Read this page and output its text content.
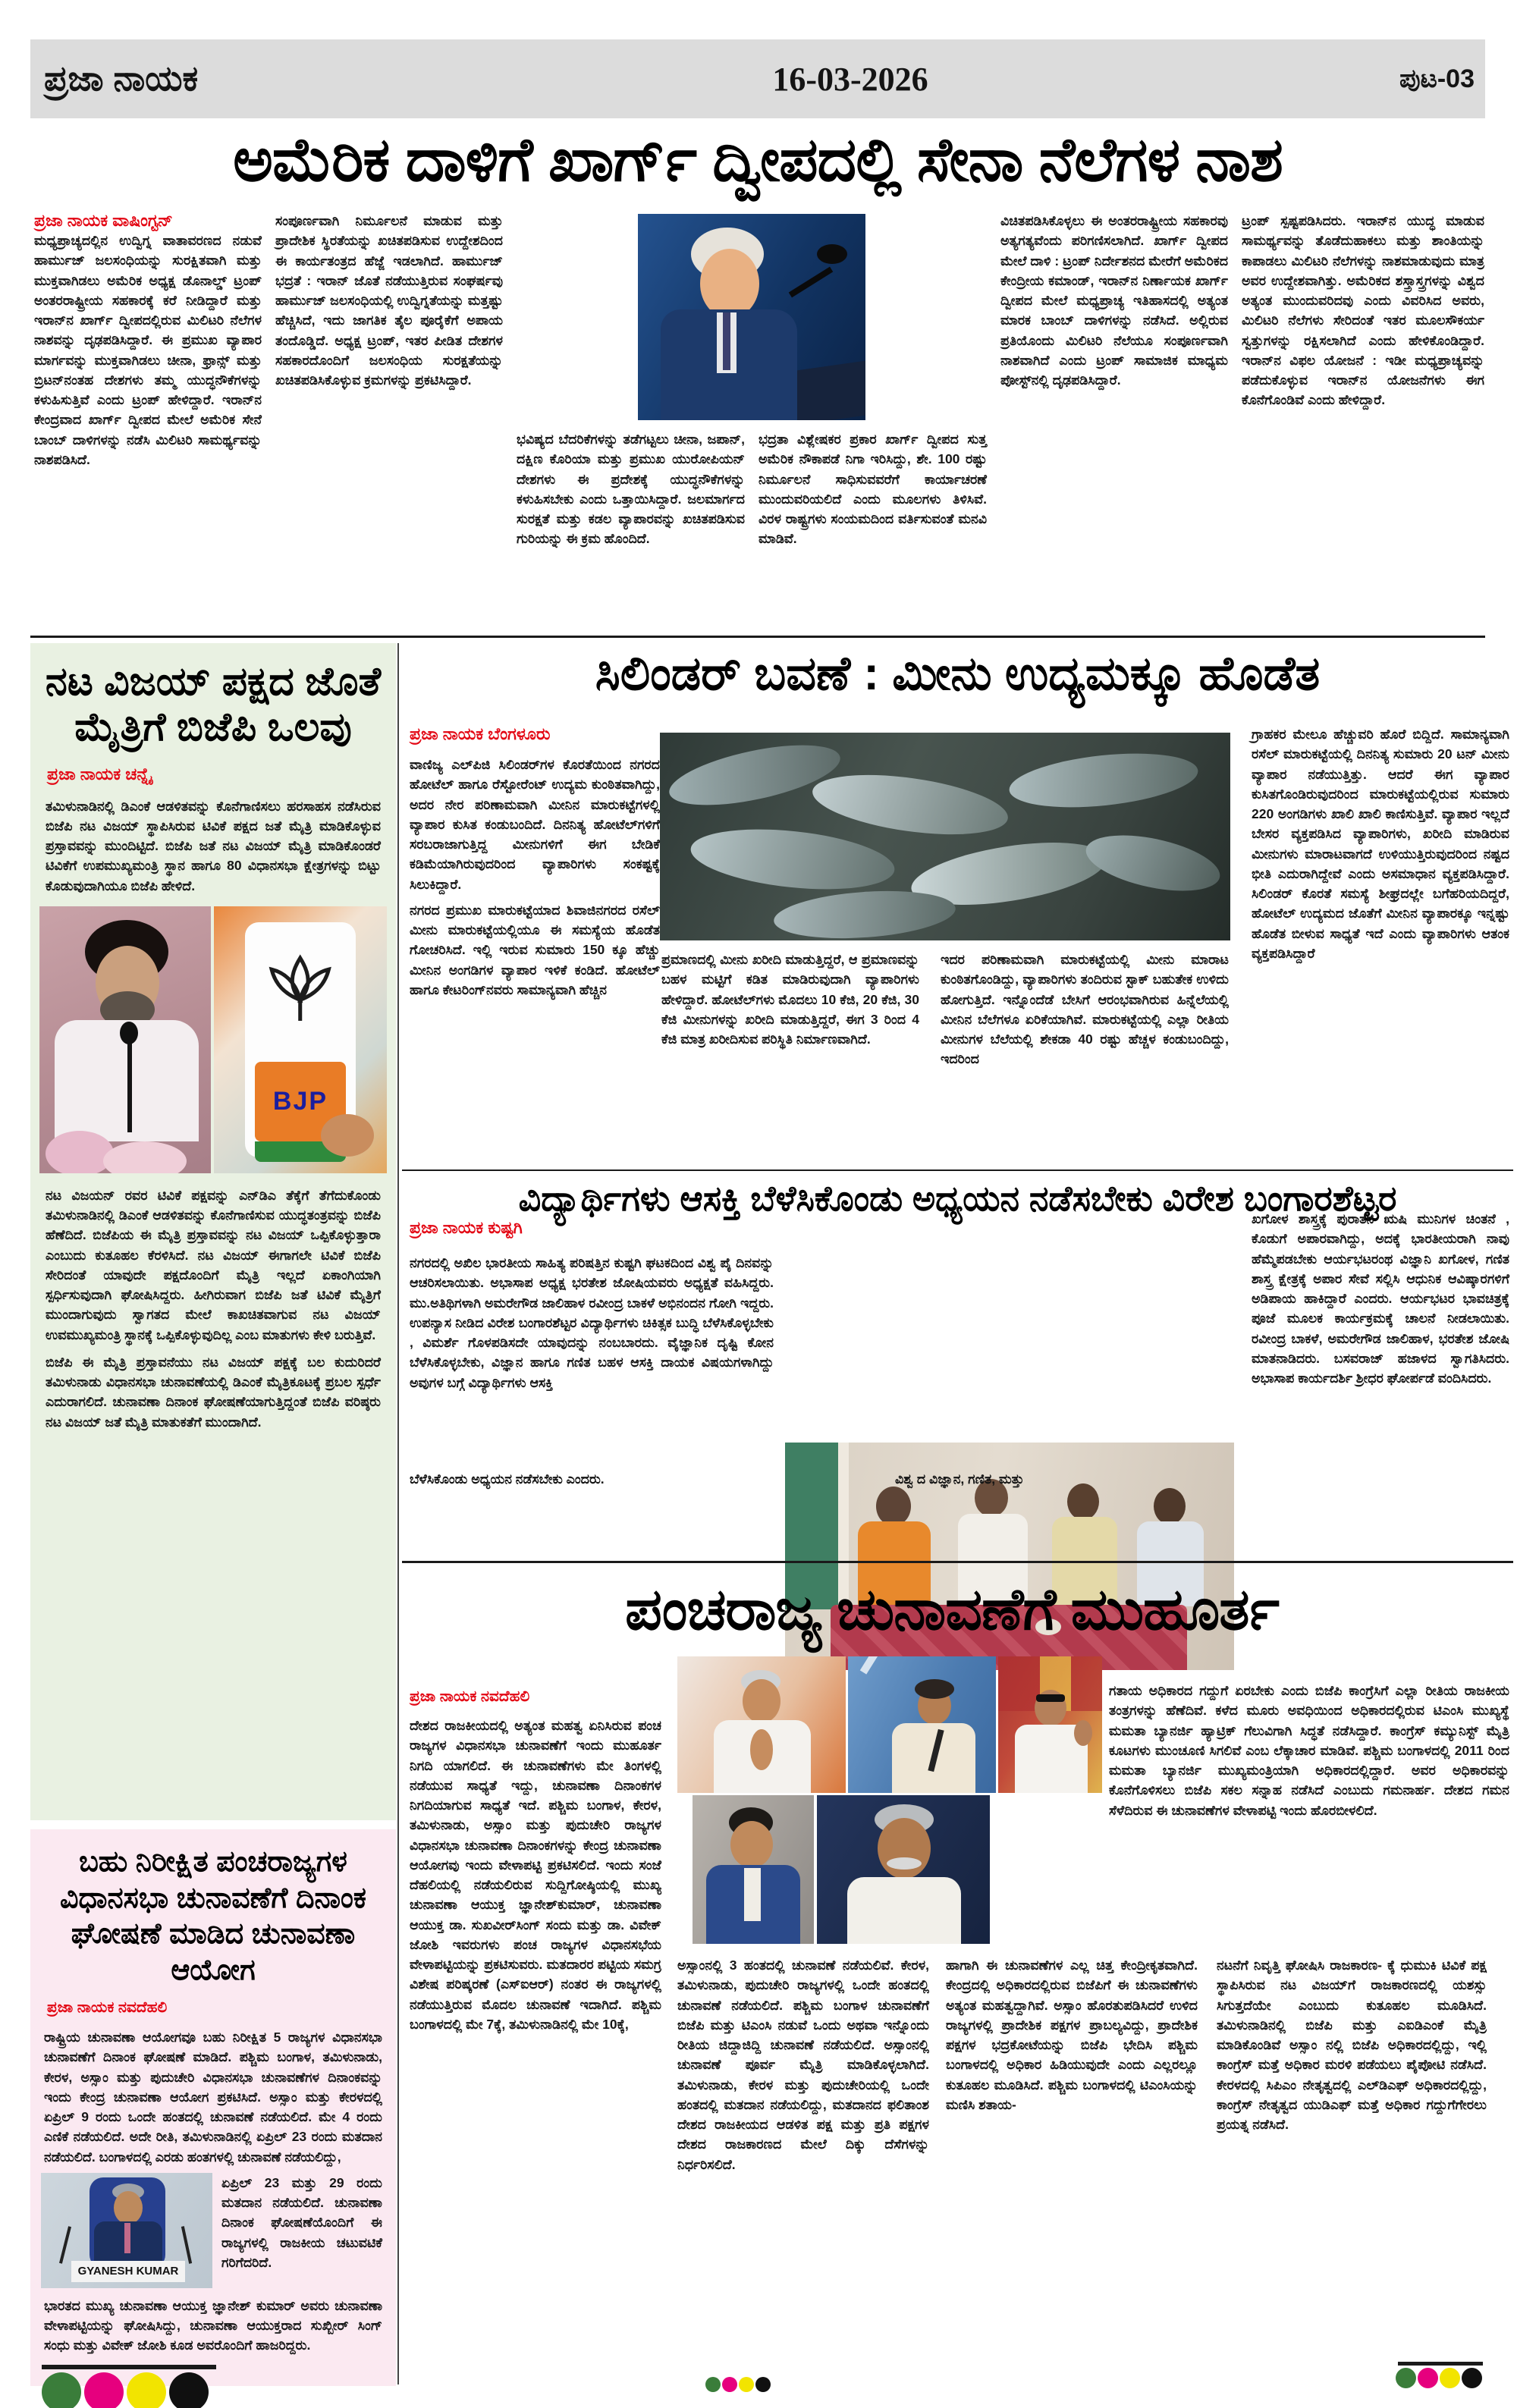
ಪ್ರಜಾ ನಾಯಕ	16-03-2026	ಪುಟ-03
ಅಮೆರಿಕ ದಾಳಿಗೆ ಖಾರ್ಗ್ ದ್ವೀಪದಲ್ಲಿ ಸೇನಾ ನೆಲೆಗಳ ನಾಶ
ಪ್ರಜಾ ನಾಯಕ ವಾಷಿಂಗ್ಟನ್
ಮಧ್ಯಪ್ರಾಚ್ಯದಲ್ಲಿನ ಉದ್ವಿಗ್ನ ವಾತಾವರಣದ ನಡುವೆ ಹಾರ್ಮುಜ್ ಜಲಸಂಧಿಯನ್ನು ಸುರಕ್ಷಿತವಾಗಿ ಮತ್ತು ಮುಕ್ತವಾಗಿಡಲು ಅಮೆರಿಕ ಅಧ್ಯಕ್ಷ ಡೊನಾಲ್ಡ್ ಟ್ರಂಪ್ ಅಂತರರಾಷ್ಟ್ರೀಯ ಸಹಕಾರಕ್ಕೆ ಕರೆ ನೀಡಿದ್ದಾರೆ ಮತ್ತು ಇರಾನ್‌ನ ಖಾರ್ಗ್ ದ್ವೀಪದಲ್ಲಿರುವ ಮಿಲಿಟರಿ ನೆಲೆಗಳ ನಾಶವನ್ನು ದೃಢಪಡಿಸಿದ್ದಾರೆ. ಈ ಪ್ರಮುಖ ವ್ಯಾಪಾರ ಮಾರ್ಗವನ್ನು ಮುಕ್ತವಾಗಿಡಲು ಚೀನಾ, ಫ್ರಾನ್ಸ್ ಮತ್ತು ಬ್ರಿಟನ್‌ನಂತಹ ದೇಶಗಳು ತಮ್ಮ ಯುದ್ಧನೌಕೆಗಳನ್ನು ಕಳುಹಿಸುತ್ತಿವೆ ಎಂದು ಟ್ರಂಪ್ ಹೇಳಿದ್ದಾರೆ. ಇರಾನ್‌ನ ಕೇಂದ್ರವಾದ ಖಾರ್ಗ್ ದ್ವೀಪದ ಮೇಲೆ ಅಮೆರಿಕ ಸೇನೆ ಬಾಂಬ್ ದಾಳಿಗಳನ್ನು ನಡೆಸಿ ಮಿಲಿಟರಿ ಸಾಮರ್ಥ್ಯವನ್ನು ನಾಶಪಡಿಸಿದೆ.
ಸಂಪೂರ್ಣವಾಗಿ ನಿರ್ಮೂಲನೆ ಮಾಡುವ ಮತ್ತು ಪ್ರಾದೇಶಿಕ ಸ್ಥಿರತೆಯನ್ನು ಖಚಿತಪಡಿಸುವ ಉದ್ದೇಶದಿಂದ ಈ ಕಾರ್ಯತಂತ್ರದ ಹೆಜ್ಜೆ ಇಡಲಾಗಿದೆ. ಹಾರ್ಮುಜ್ ಭದ್ರತೆ : ಇರಾನ್ ಜೊತೆ ನಡೆಯುತ್ತಿರುವ ಸಂಘರ್ಷವು ಹಾರ್ಮುಜ್ ಜಲಸಂಧಿಯಲ್ಲಿ ಉದ್ವಿಗ್ನತೆಯನ್ನು ಮತ್ತಷ್ಟು ಹೆಚ್ಚಿಸಿದೆ, ಇದು ಜಾಗತಿಕ ತೈಲ ಪೂರೈಕೆಗೆ ಅಪಾಯ ತಂದೊಡ್ಡಿದೆ. ಅಧ್ಯಕ್ಷ ಟ್ರಂಪ್, ಇತರ ಪೀಡಿತ ದೇಶಗಳ ಸಹಕಾರದೊಂದಿಗೆ ಜಲಸಂಧಿಯ ಸುರಕ್ಷತೆಯನ್ನು ಖಚಿತಪಡಿಸಿಕೊಳ್ಳುವ ಕ್ರಮಗಳನ್ನು ಪ್ರಕಟಿಸಿದ್ದಾರೆ.
ಭವಿಷ್ಯದ ಬೆದರಿಕೆಗಳನ್ನು ತಡೆಗಟ್ಟಲು ಚೀನಾ, ಜಪಾನ್, ದಕ್ಷಿಣ ಕೊರಿಯಾ ಮತ್ತು ಪ್ರಮುಖ ಯುರೋಪಿಯನ್ ದೇಶಗಳು ಈ ಪ್ರದೇಶಕ್ಕೆ ಯುದ್ಧನೌಕೆಗಳನ್ನು ಕಳುಹಿಸಬೇಕು ಎಂದು ಒತ್ತಾಯಿಸಿದ್ದಾರೆ. ಜಲಮಾರ್ಗದ ಸುರಕ್ಷತೆ ಮತ್ತು ಕಡಲ ವ್ಯಾಪಾರವನ್ನು ಖಚಿತಪಡಿಸುವ ಗುರಿಯನ್ನು ಈ ಕ್ರಮ ಹೊಂದಿದೆ.
ಭದ್ರತಾ ವಿಶ್ಲೇಷಕರ ಪ್ರಕಾರ ಖಾರ್ಗ್ ದ್ವೀಪದ ಸುತ್ತ ಅಮೆರಿಕ ನೌಕಾಪಡೆ ನಿಗಾ ಇರಿಸಿದ್ದು, ಶೇ. 100 ರಷ್ಟು ನಿರ್ಮೂಲನೆ ಸಾಧಿಸುವವರೆಗೆ ಕಾರ್ಯಾಚರಣೆ ಮುಂದುವರಿಯಲಿದೆ ಎಂದು ಮೂಲಗಳು ತಿಳಿಸಿವೆ. ವಿರಳ ರಾಷ್ಟ್ರಗಳು ಸಂಯಮದಿಂದ ವರ್ತಿಸುವಂತೆ ಮನವಿ ಮಾಡಿವೆ.
ವಿಚಿತಪಡಿಸಿಕೊಳ್ಳಲು ಈ ಅಂತರರಾಷ್ಟ್ರೀಯ ಸಹಕಾರವು ಅತ್ಯಗತ್ಯವೆಂದು ಪರಿಗಣಿಸಲಾಗಿದೆ. ಖಾರ್ಗ್ ದ್ವೀಪದ ಮೇಲೆ ದಾಳಿ : ಟ್ರಂಪ್ ನಿರ್ದೇಶನದ ಮೇರೆಗೆ ಅಮೆರಿಕದ ಕೇಂದ್ರೀಯ ಕಮಾಂಡ್, ಇರಾನ್‌ನ ನಿರ್ಣಾಯಕ ಖಾರ್ಗ್ ದ್ವೀಪದ ಮೇಲೆ ಮಧ್ಯಪ್ರಾಚ್ಯ ಇತಿಹಾಸದಲ್ಲಿ ಅತ್ಯಂತ ಮಾರಕ ಬಾಂಬ್ ದಾಳಿಗಳನ್ನು ನಡೆಸಿದೆ. ಅಲ್ಲಿರುವ ಪ್ರತಿಯೊಂದು ಮಿಲಿಟರಿ ನೆಲೆಯೂ ಸಂಪೂರ್ಣವಾಗಿ ನಾಶವಾಗಿದೆ ಎಂದು ಟ್ರಂಪ್ ಸಾಮಾಜಿಕ ಮಾಧ್ಯಮ ಪೋಸ್ಟ್‌ನಲ್ಲಿ ದೃಢಪಡಿಸಿದ್ದಾರೆ.
ಟ್ರಂಪ್ ಸ್ಪಷ್ಟಪಡಿಸಿದರು. ಇರಾನ್‌ನ ಯುದ್ಧ ಮಾಡುವ ಸಾಮರ್ಥ್ಯವನ್ನು ತೊಡೆದುಹಾಕಲು ಮತ್ತು ಶಾಂತಿಯನ್ನು ಕಾಪಾಡಲು ಮಿಲಿಟರಿ ನೆಲೆಗಳನ್ನು ನಾಶಮಾಡುವುದು ಮಾತ್ರ ಅವರ ಉದ್ದೇಶವಾಗಿತ್ತು. ಅಮೆರಿಕದ ಶಸ್ತ್ರಾಸ್ತ್ರಗಳನ್ನು ವಿಶ್ವದ ಅತ್ಯಂತ ಮುಂದುವರಿದವು ಎಂದು ವಿವರಿಸಿದ ಅವರು, ಮಿಲಿಟರಿ ನೆಲೆಗಳು ಸೇರಿದಂತೆ ಇತರ ಮೂಲಸೌಕರ್ಯ ಸ್ವತ್ತುಗಳನ್ನು ರಕ್ಷಿಸಲಾಗಿದೆ ಎಂದು ಹೇಳಿಕೊಂಡಿದ್ದಾರೆ. ಇರಾನ್‌ನ ವಿಫಲ ಯೋಜನೆ : ಇಡೀ ಮಧ್ಯಪ್ರಾಚ್ಯವನ್ನು ಪಡೆದುಕೊಳ್ಳುವ ಇರಾನ್‌ನ ಯೋಜನೆಗಳು ಈಗ ಕೊನೆಗೊಂಡಿವೆ ಎಂದು ಹೇಳಿದ್ದಾರೆ.
ನಟ ವಿಜಯ್ ಪಕ್ಷದ ಜೊತೆ ಮೈತ್ರಿಗೆ ಬಿಜೆಪಿ ಒಲವು
ಪ್ರಜಾ ನಾಯಕ ಚನ್ನೈ
ತಮಿಳುನಾಡಿನಲ್ಲಿ ಡಿಎಂಕೆ ಆಡಳಿತವನ್ನು ಕೊನೆಗಾಣಿಸಲು ಹರಸಾಹಸ ನಡೆಸಿರುವ ಬಿಜೆಪಿ ನಟ ವಿಜಯ್ ಸ್ಥಾಪಿಸಿರುವ ಟಿವಿಕೆ ಪಕ್ಷದ ಜತೆ ಮೈತ್ರಿ ಮಾಡಿಕೊಳ್ಳುವ ಪ್ರಸ್ತಾವವನ್ನು ಮುಂದಿಟ್ಟಿದೆ. ಬಿಜೆಪಿ ಜತೆ ನಟ ವಿಜಯ್ ಮೈತ್ರಿ ಮಾಡಿಕೊಂಡರೆ ಟಿವಿಕೆಗೆ ಉಪಮುಖ್ಯಮಂತ್ರಿ ಸ್ಥಾನ ಹಾಗೂ 80 ವಿಧಾನಸಭಾ ಕ್ಷೇತ್ರಗಳನ್ನು ಬಿಟ್ಟು ಕೊಡುವುದಾಗಿಯೂ ಬಿಜೆಪಿ ಹೇಳಿದೆ.
BJP
ನಟ ವಿಜಯನ್ ರವರ ಟಿವಿಕೆ ಪಕ್ಷವನ್ನು ಎನ್‌ಡಿಎ ತೆಕ್ಕೆಗೆ ತೆಗೆದುಕೊಂಡು ತಮಿಳುನಾಡಿನಲ್ಲಿ ಡಿಎಂಕೆ ಆಡಳಿತವನ್ನು ಕೊನೆಗಾಣಿಸುವ ಯುದ್ಧತಂತ್ರವನ್ನು ಬಿಜೆಪಿ ಹೆಣೆದಿದೆ. ಬಿಜೆಪಿಯ ಈ ಮೈತ್ರಿ ಪ್ರಸ್ತಾವವನ್ನು ನಟ ವಿಜಯ್ ಒಪ್ಪಿಕೊಳ್ಳುತ್ತಾರಾ ಎಂಬುದು ಕುತೂಹಲ ಕೆರಳಿಸಿದೆ. ನಟ ವಿಜಯ್ ಈಗಾಗಲೇ ಟಿವಿಕೆ ಬಿಜೆಪಿ ಸೇರಿದಂತೆ ಯಾವುದೇ ಪಕ್ಷದೊಂದಿಗೆ ಮೈತ್ರಿ ಇಲ್ಲದೆ ಏಕಾಂಗಿಯಾಗಿ ಸ್ಪರ್ಧಿಸುವುದಾಗಿ ಘೋಷಿಸಿದ್ದರು. ಹೀಗಿರುವಾಗ ಬಿಜೆಪಿ ಜತೆ ಟಿವಿಕೆ ಮೈತ್ರಿಗೆ ಮುಂದಾಗುವುದು ಸ್ವಾಗತದ ಮೇಲೆ ಕಾಖಚಿತವಾಗುವ ನಟ ವಿಜಯ್ ಉವಮುಖ್ಯಮಂತ್ರಿ ಸ್ಥಾನಕ್ಕೆ ಒಪ್ಪಿಕೊಳ್ಳುವುದಿಲ್ಲ ಎಂಬ ಮಾತುಗಳು ಕೇಳಿ ಬರುತ್ತಿವೆ.
ಬಿಜೆಪಿ ಈ ಮೈತ್ರಿ ಪ್ರಸ್ತಾವನೆಯು ನಟ ವಿಜಯ್ ಪಕ್ಷಕ್ಕೆ ಬಲ ಕುದುರಿದರೆ ತಮಿಳುನಾಡು ವಿಧಾನಸಭಾ ಚುನಾವಣೆಯಲ್ಲಿ ಡಿಎಂಕೆ ಮೈತ್ರಿಕೂಟಕ್ಕೆ ಪ್ರಬಲ ಸ್ಪರ್ಧೆ ಎದುರಾಗಲಿದೆ. ಚುನಾವಣಾ ದಿನಾಂಕ ಘೋಷಣೆಯಾಗುತ್ತಿದ್ದಂತೆ ಬಿಜೆಪಿ ವರಿಷ್ಠರು ನಟ ವಿಜಯ್ ಜತೆ ಮೈತ್ರಿ ಮಾತುಕತೆಗೆ ಮುಂದಾಗಿದೆ.
ಸಿಲಿಂಡರ್ ಬವಣೆ : ಮೀನು ಉದ್ಯಮಕ್ಕೂ ಹೊಡೆತ
ಪ್ರಜಾ ನಾಯಕ ಬೆಂಗಳೂರು
ವಾಣಿಜ್ಯ ಎಲ್‌ಪಿಜಿ ಸಿಲಿಂಡರ್‌ಗಳ ಕೊರತೆಯಿಂದ ನಗರದ ಹೋಟೆಲ್ ಹಾಗೂ ರೆಸ್ಟೋರೆಂಟ್ ಉದ್ಯಮ ಕುಂಠಿತವಾಗಿದ್ದು, ಅದರ ನೇರ ಪರಿಣಾಮವಾಗಿ ಮೀನಿನ ಮಾರುಕಟ್ಟೆಗಳಲ್ಲಿ ವ್ಯಾಪಾರ ಕುಸಿತ ಕಂಡುಬಂದಿದೆ. ದಿನನಿತ್ಯ ಹೋಟೆಲ್‌ಗಳಿಗೆ ಸರಬರಾಜಾಗುತ್ತಿದ್ದ ಮೀನುಗಳಿಗೆ ಈಗ ಬೇಡಿಕೆ ಕಡಿಮೆಯಾಗಿರುವುದರಿಂದ ವ್ಯಾಪಾರಿಗಳು ಸಂಕಷ್ಟಕ್ಕೆ ಸಿಲುಕಿದ್ದಾರೆ.
ನಗರದ ಪ್ರಮುಖ ಮಾರುಕಟ್ಟೆಯಾದ ಶಿವಾಜಿನಗರದ ರಸೆಲ್ ಮೀನು ಮಾರುಕಟ್ಟೆಯಲ್ಲಿಯೂ ಈ ಸಮಸ್ಯೆಯ ಹೊಡೆತ ಗೋಚರಿಸಿದೆ. ಇಲ್ಲಿ ಇರುವ ಸುಮಾರು 150 ಕ್ಕೂ ಹೆಚ್ಚು ಮೀನಿನ ಅಂಗಡಿಗಳ ವ್ಯಾಪಾರ ಇಳಿಕೆ ಕಂಡಿದೆ. ಹೋಟೆಲ್ ಹಾಗೂ ಕೇಟರಿಂಗ್‌ನವರು ಸಾಮಾನ್ಯವಾಗಿ ಹೆಚ್ಚಿನ
ಪ್ರಮಾಣದಲ್ಲಿ ಮೀನು ಖರೀದಿ ಮಾಡುತ್ತಿದ್ದರೆ, ಆ ಪ್ರಮಾಣವನ್ನು ಬಹಳ ಮಟ್ಟಿಗೆ ಕಡಿತ ಮಾಡಿರುವುದಾಗಿ ವ್ಯಾಪಾರಿಗಳು ಹೇಳಿದ್ದಾರೆ. ಹೋಟೆಲ್‌ಗಳು ಮೊದಲು 10 ಕೆಜಿ, 20 ಕೆಜಿ, 30 ಕೆಜಿ ಮೀನುಗಳನ್ನು ಖರೀದಿ ಮಾಡುತ್ತಿದ್ದರೆ, ಈಗ 3 ರಿಂದ 4 ಕೆಜಿ ಮಾತ್ರ ಖರೀದಿಸುವ ಪರಿಸ್ಥಿತಿ ನಿರ್ಮಾಣವಾಗಿದೆ.
ಇದರ ಪರಿಣಾಮವಾಗಿ ಮಾರುಕಟ್ಟೆಯಲ್ಲಿ ಮೀನು ಮಾರಾಟ ಕುಂಠಿತಗೊಂಡಿದ್ದು, ವ್ಯಾಪಾರಿಗಳು ತಂದಿರುವ ಸ್ಟಾಕ್ ಬಹುತೇಕ ಉಳಿದು ಹೋಗುತ್ತಿದೆ. ಇನ್ನೊಂದೆಡೆ ಬೇಸಿಗೆ ಆರಂಭವಾಗಿರುವ ಹಿನ್ನೆಲೆಯಲ್ಲಿ ಮೀನಿನ ಬೆಲೆಗಳೂ ಏರಿಕೆಯಾಗಿವೆ. ಮಾರುಕಟ್ಟೆಯಲ್ಲಿ ಎಲ್ಲಾ ರೀತಿಯ ಮೀನುಗಳ ಬೆಲೆಯಲ್ಲಿ ಶೇಕಡಾ 40 ರಷ್ಟು ಹೆಚ್ಚಳ ಕಂಡುಬಂದಿದ್ದು, ಇದರಿಂದ
ಗ್ರಾಹಕರ ಮೇಲೂ ಹೆಚ್ಚುವರಿ ಹೊರೆ ಬಿದ್ದಿದೆ. ಸಾಮಾನ್ಯವಾಗಿ ರಸೆಲ್ ಮಾರುಕಟ್ಟೆಯಲ್ಲಿ ದಿನನಿತ್ಯ ಸುಮಾರು 20 ಟನ್ ಮೀನು ವ್ಯಾಪಾರ ನಡೆಯುತ್ತಿತ್ತು. ಆದರೆ ಈಗ ವ್ಯಾಪಾರ ಕುಸಿತಗೊಂಡಿರುವುದರಿಂದ ಮಾರುಕಟ್ಟೆಯಲ್ಲಿರುವ ಸುಮಾರು 220 ಅಂಗಡಿಗಳು ಖಾಲಿ ಖಾಲಿ ಕಾಣಿಸುತ್ತಿವೆ. ವ್ಯಾಪಾರ ಇಲ್ಲದೆ ಬೇಸರ ವ್ಯಕ್ತಪಡಿಸಿದ ವ್ಯಾಪಾರಿಗಳು, ಖರೀದಿ ಮಾಡಿರುವ ಮೀನುಗಳು ಮಾರಾಟವಾಗದೆ ಉಳಿಯುತ್ತಿರುವುದರಿಂದ ನಷ್ಟದ ಭೀತಿ ಎದುರಾಗಿದ್ದೇವೆ ಎಂದು ಅಸಮಾಧಾನ ವ್ಯಕ್ತಪಡಿಸಿದ್ದಾರೆ. ಸಿಲಿಂಡರ್ ಕೊರತೆ ಸಮಸ್ಯೆ ಶೀಘ್ರದಲ್ಲೇ ಬಗೆಹರಿಯದಿದ್ದರೆ, ಹೋಟೆಲ್ ಉದ್ಯಮದ ಜೊತೆಗೆ ಮೀನಿನ ವ್ಯಾಪಾರಕ್ಕೂ ಇನ್ನಷ್ಟು ಹೊಡೆತ ಬೀಳುವ ಸಾಧ್ಯತೆ ಇದೆ ಎಂದು ವ್ಯಾಪಾರಿಗಳು ಆತಂಕ ವ್ಯಕ್ತಪಡಿಸಿದ್ದಾರೆ
ವಿದ್ಯಾರ್ಥಿಗಳು ಆಸಕ್ತಿ ಬೆಳೆಸಿಕೊಂಡು ಅಧ್ಯಯನ ನಡೆಸಬೇಕು ವಿರೇಶ ಬಂಗಾರಶೆಟ್ಟರ
ಪ್ರಜಾ ನಾಯಕ ಕುಷ್ಟಗಿ
ನಗರದಲ್ಲಿ ಅಖಿಲ ಭಾರತೀಯ ಸಾಹಿತ್ಯ ಪರಿಷತ್ತಿನ ಕುಷ್ಟಗಿ ಘಟಕದಿಂದ ವಿಶ್ವ ಪೈ ದಿನವನ್ನು ಆಚರಿಸಲಾಯಿತು. ಅಭಾಸಾಪ ಅಧ್ಯಕ್ಷ ಭರತೇಶ ಜೋಷಿಯವರು ಅಧ್ಯಕ್ಷತೆ ವಹಿಸಿದ್ದರು. ಮು.ಅತಿಥಿಗಳಾಗಿ ಅಮರೇಗೌಡ ಜಾಲಿಹಾಳ ರವೀಂದ್ರ ಬಾಕಳೆ ಅಭಿನಂದನ ಗೋಗಿ ಇದ್ದರು. ಉಪನ್ಯಾಸ ನೀಡಿದ ವಿರೇಶ ಬಂಗಾರಶೆಟ್ಟರ ವಿದ್ಯಾರ್ಥಿಗಳು ಚಿಕಿತ್ಸಕ ಬುದ್ಧಿ ಬೆಳೆಸಿಕೊಳ್ಳಬೇಕು , ವಿಮರ್ಶೆ ಗೊಳಪಡಿಸದೇ ಯಾವುದನ್ನು ನಂಬಬಾರದು. ವೈಜ್ಞಾನಿಕ ದೃಷ್ಟಿ ಕೋನ ಬೆಳೆಸಿಕೊಳ್ಳಬೇಕು, ವಿಜ್ಞಾನ ಹಾಗೂ ಗಣಿತ ಬಹಳ ಆಸಕ್ತಿ ದಾಯಕ ವಿಷಯಗಳಾಗಿದ್ದು ಅವುಗಳ ಬಗ್ಗೆ ವಿದ್ಯಾರ್ಥಿಗಳು ಆಸಕ್ತಿ
ಬೆಳೆಸಿಕೊಂಡು ಅಧ್ಯಯನ ನಡೆಸಬೇಕು ಎಂದರು.	ವಿಶ್ವ ದ ವಿಜ್ಞಾನ, ಗಣಿತ, ಮತ್ತು
ಖಗೋಳ ಶಾಸ್ತ್ರಕ್ಕೆ ಪುರಾತನ ಋಷಿ ಮುನಿಗಳ ಚಿಂತನೆ , ಕೊಡುಗೆ ಅಪಾರವಾಗಿದ್ದು, ಅದಕ್ಕೆ ಭಾರತೀಯರಾಗಿ ನಾವು ಹೆಮ್ಮೆಪಡಬೇಕು ಆರ್ಯಭಟರಂಥ ವಿಜ್ಞಾನಿ ಖಗೋಳ, ಗಣಿತ ಶಾಸ್ತ್ರ ಕ್ಷೇತ್ರಕ್ಕೆ ಅಪಾರ ಸೇವೆ ಸಲ್ಲಿಸಿ ಆಧುನಿಕ ಆವಿಷ್ಕಾರಗಳಿಗೆ ಅಡಿಪಾಯ ಹಾಕಿದ್ದಾರೆ ಎಂದರು. ಆರ್ಯಭಟರ ಭಾವಚಿತ್ರಕ್ಕೆ ಪೂಜೆ ಮೂಲಕ ಕಾರ್ಯಕ್ರಮಕ್ಕೆ ಚಾಲನೆ ನೀಡಲಾಯಿತು. ರವೀಂದ್ರ ಬಾಕಳೆ, ಅಮರೇಗೌಡ ಜಾಲಿಹಾಳ, ಭರತೇಶ ಜೋಷಿ ಮಾತನಾಡಿದರು. ಬಸವರಾಜ್ ಹಜಾಳದ ಸ್ವಾಗತಿಸಿದರು. ಅಭಾಸಾಪ ಕಾರ್ಯದರ್ಶಿ ಶ್ರೀಧರ ಘೋರ್ಪಡೆ ವಂದಿಸಿದರು.
ಪಂಚರಾಜ್ಯ ಚುನಾವಣೆಗೆ ಮುಹೂರ್ತ
ಪ್ರಜಾ ನಾಯಕ ನವದೆಹಲಿ
ದೇಶದ ರಾಜಕೀಯದಲ್ಲಿ ಅತ್ಯಂತ ಮಹತ್ವ ಏನಿಸಿರುವ ಪಂಚ ರಾಜ್ಯಗಳ ವಿಧಾನಸಭಾ ಚುನಾವಣೆಗೆ ಇಂದು ಮುಹೂರ್ತ ನಿಗದಿ ಯಾಗಲಿದೆ. ಈ ಚುನಾವಣೆಗಳು ಮೇ ತಿಂಗಳಲ್ಲಿ ನಡೆಯುವ ಸಾಧ್ಯತೆ ಇದ್ದು, ಚುನಾವಣಾ ದಿನಾಂಕಗಳ ನಿಗದಿಯಾಗುವ ಸಾಧ್ಯತೆ ಇದೆ. ಪಶ್ಚಿಮ ಬಂಗಾಳ, ಕೇರಳ, ತಮಿಳುನಾಡು, ಅಸ್ಸಾಂ ಮತ್ತು ಪುದುಚೇರಿ ರಾಜ್ಯಗಳ ವಿಧಾನಸಭಾ ಚುನಾವಣಾ ದಿನಾಂಕಗಳನ್ನು ಕೇಂದ್ರ ಚುನಾವಣಾ ಆಯೋಗವು ಇಂದು ವೇಳಾಪಟ್ಟಿ ಪ್ರಕಟಿಸಲಿದೆ. ಇಂದು ಸಂಜೆ ದೆಹಲಿಯಲ್ಲಿ ನಡೆಯಲಿರುವ ಸುದ್ದಿಗೋಷ್ಠಿಯಲ್ಲಿ ಮುಖ್ಯ ಚುನಾವಣಾ ಆಯುಕ್ತ ಜ್ಞಾನೇಶ್‌ಕುಮಾರ್, ಚುನಾವಣಾ ಆಯುಕ್ತ ಡಾ. ಸುಖವೀರ್‌ಸಿಂಗ್ ಸಂದು ಮತ್ತು ಡಾ. ವಿವೇಕ್ ಜೋಶಿ ಇವರುಗಳು ಪಂಚ ರಾಜ್ಯಗಳ ವಿಧಾನಸಭೆಯ ವೇಳಾಪಟ್ಟಿಯನ್ನು ಪ್ರಕಟಿಸುವರು. ಮತದಾರರ ಪಟ್ಟಿಯ ಸಮಗ್ರ ವಿಶೇಷ ಪರಿಷ್ಕರಣೆ (ಎಸ್‌ಐಆರ್) ನಂತರ ಈ ರಾಜ್ಯಗಳಲ್ಲಿ ನಡೆಯುತ್ತಿರುವ ಮೊದಲ ಚುನಾವಣೆ ಇದಾಗಿದೆ. ಪಶ್ಚಿಮ ಬಂಗಾಳದಲ್ಲಿ ಮೇ 7ಕ್ಕೆ, ತಮಿಳುನಾಡಿನಲ್ಲಿ ಮೇ 10ಕ್ಕೆ,
ಗತಾಯ ಅಧಿಕಾರದ ಗದ್ದುಗೆ ಏರಬೇಕು ಎಂದು ಬಿಜೆಪಿ ಕಾಂಗ್ರೆಸಿಗೆ ಎಲ್ಲಾ ರೀತಿಯ ರಾಜಕೀಯ ತಂತ್ರಗಳನ್ನು ಹೆಣೆದಿವೆ. ಕಳೆದ ಮೂರು ಅವಧಿಯಿಂದ ಅಧಿಕಾರದಲ್ಲಿರುವ ಟಿಎಂಸಿ ಮುಖ್ಯಸ್ಥೆ ಮಮತಾ ಬ್ಯಾನರ್ಜಿ ಹ್ಯಾಟ್ರಿಕ್ ಗೆಲುವಿಗಾಗಿ ಸಿದ್ಧತೆ ನಡೆಸಿದ್ದಾರೆ. ಕಾಂಗ್ರೆಸ್ ಕಮ್ಯುನಿಸ್ಟ್ ಮೈತ್ರಿ ಕೂಟಗಳು ಮುಂಚೂಣಿ ಸಿಗಲಿವೆ ಎಂಬ ಲೆಕ್ಕಾಚಾರ ಮಾಡಿವೆ. ಪಶ್ಚಿಮ ಬಂಗಾಳದಲ್ಲಿ 2011 ರಿಂದ ಮಮತಾ ಬ್ಯಾನರ್ಜಿ ಮುಖ್ಯಮಂತ್ರಿಯಾಗಿ ಅಧಿಕಾರದಲ್ಲಿದ್ದಾರೆ. ಅವರ ಅಧಿಕಾರವನ್ನು ಕೊನೆಗೊಳಿಸಲು ಬಿಜೆಪಿ ಸಕಲ ಸನ್ನಾಹ ನಡೆಸಿದೆ ಎಂಬುದು ಗಮನಾರ್ಹ. ದೇಶದ ಗಮನ ಸೆಳೆದಿರುವ ಈ ಚುನಾವಣೆಗಳ ವೇಳಾಪಟ್ಟಿ ಇಂದು ಹೊರಬೀಳಲಿದೆ.
ಅಸ್ಸಾಂನಲ್ಲಿ 3 ಹಂತದಲ್ಲಿ ಚುನಾವಣೆ ನಡೆಯಲಿವೆ. ಕೇರಳ, ತಮಿಳುನಾಡು, ಪುದುಚೇರಿ ರಾಜ್ಯಗಳಲ್ಲಿ ಒಂದೇ ಹಂತದಲ್ಲಿ ಚುನಾವಣೆ ನಡೆಯಲಿದೆ. ಪಶ್ಚಿಮ ಬಂಗಾಳ ಚುನಾವಣೆಗೆ ಬಿಜೆಪಿ ಮತ್ತು ಟಿಎಂಸಿ ನಡುವೆ ಒಂದು ಅಥವಾ ಇನ್ನೊಂದು ರೀತಿಯ ಜಿದ್ದಾಜಿದ್ದಿ ಚುನಾವಣೆ ನಡೆಯಲಿದೆ. ಅಸ್ಸಾಂನಲ್ಲಿ ಚುನಾವಣೆ ಪೂರ್ವ ಮೈತ್ರಿ ಮಾಡಿಕೊಳ್ಳಲಾಗಿದೆ. ತಮಿಳುನಾಡು, ಕೇರಳ ಮತ್ತು ಪುದುಚೇರಿಯಲ್ಲಿ ಒಂದೇ ಹಂತದಲ್ಲಿ ಮತದಾನ ನಡೆಯಲಿದ್ದು, ಮತದಾನದ ಫಲಿತಾಂಶ ದೇಶದ ರಾಜಕೀಯದ ಆಡಳಿತ ಪಕ್ಷ ಮತ್ತು ಪ್ರತಿ ಪಕ್ಷಗಳ ದೇಶದ ರಾಜಕಾರಣದ ಮೇಲೆ ದಿಕ್ಕು ದೆಸೆಗಳನ್ನು ನಿರ್ಧರಿಸಲಿದೆ.
ಹಾಗಾಗಿ ಈ ಚುನಾವಣೆಗಳ ಎಲ್ಲ ಚಿತ್ತ ಕೇಂದ್ರೀಕೃತವಾಗಿದೆ. ಕೇಂದ್ರದಲ್ಲಿ ಅಧಿಕಾರದಲ್ಲಿರುವ ಬಿಜೆಪಿಗೆ ಈ ಚುನಾವಣೆಗಳು ಅತ್ಯಂತ ಮಹತ್ವದ್ದಾಗಿವೆ. ಅಸ್ಸಾಂ ಹೊರತುಪಡಿಸಿದರೆ ಉಳಿದ ರಾಜ್ಯಗಳಲ್ಲಿ ಪ್ರಾದೇಶಿಕ ಪಕ್ಷಗಳ ಪ್ರಾಬಲ್ಯವಿದ್ದು, ಪ್ರಾದೇಶಿಕ ಪಕ್ಷಗಳ ಭದ್ರಕೋಟೆಯನ್ನು ಬಿಜೆಪಿ ಭೇದಿಸಿ ಪಶ್ಚಿಮ ಬಂಗಾಳದಲ್ಲಿ ಅಧಿಕಾರ ಹಿಡಿಯುವುದೇ ಎಂದು ಎಲ್ಲರಲ್ಲೂ ಕುತೂಹಲ ಮೂಡಿಸಿದೆ. ಪಶ್ಚಿಮ ಬಂಗಾಳದಲ್ಲಿ ಟಿಎಂಸಿಯನ್ನು ಮಣಿಸಿ ಶತಾಯ-
ನಟನೆಗೆ ನಿವೃತ್ತಿ ಘೋಷಿಸಿ ರಾಜಕಾರಣ- ಕ್ಕೆ ಧುಮುಕಿ ಟಿವಿಕೆ ಪಕ್ಷ ಸ್ಥಾಪಿಸಿರುವ ನಟ ವಿಜಯ್‌ಗೆ ರಾಜಕಾರಣದಲ್ಲಿ ಯಶಸ್ಸು ಸಿಗುತ್ತದೆಯೇ ಎಂಬುದು ಕುತೂಹಲ ಮೂಡಿಸಿದೆ. ತಮಿಳುನಾಡಿನಲ್ಲಿ ಬಿಜೆಪಿ ಮತ್ತು ಎಐಡಿಎಂಕೆ ಮೈತ್ರಿ ಮಾಡಿಕೊಂಡಿವೆ ಅಸ್ಸಾಂ ನಲ್ಲಿ ಬಿಜೆಪಿ ಅಧಿಕಾರದಲ್ಲಿದ್ದು, ಇಲ್ಲಿ ಕಾಂಗ್ರೆಸ್ ಮತ್ತೆ ಅಧಿಕಾರ ಮರಳಿ ಪಡೆಯಲು ಪೈಪೋಟಿ ನಡೆಸಿದೆ. ಕೇರಳದಲ್ಲಿ ಸಿಪಿಎಂ ನೇತೃತ್ವದಲ್ಲಿ ಎಲ್‌ಡಿಎಫ್ ಅಧಿಕಾರದಲ್ಲಿದ್ದು, ಕಾಂಗ್ರೆಸ್ ನೇತೃತ್ವದ ಯುಡಿಎಫ್ ಮತ್ತೆ ಅಧಿಕಾರ ಗದ್ದುಗೆಗೇರಲು ಪ್ರಯತ್ನ ನಡೆಸಿದೆ.
ಬಹು ನಿರೀಕ್ಷಿತ ಪಂಚರಾಜ್ಯಗಳ ವಿಧಾನಸಭಾ ಚುನಾವಣೆಗೆ ದಿನಾಂಕ ಘೋಷಣೆ ಮಾಡಿದ ಚುನಾವಣಾ ಆಯೋಗ
ಪ್ರಜಾ ನಾಯಕ ನವದೆಹಲಿ
ರಾಷ್ಟ್ರಿಯ ಚುನಾವಣಾ ಆಯೋಗವೂ ಬಹು ನಿರೀಕ್ಷಿತ 5 ರಾಜ್ಯಗಳ ವಿಧಾನಸಭಾ ಚುನಾವಣೆಗೆ ದಿನಾಂಕ ಘೋಷಣೆ ಮಾಡಿದೆ. ಪಶ್ಚಿಮ ಬಂಗಾಳ, ತಮಿಳುನಾಡು, ಕೇರಳ, ಅಸ್ಸಾಂ ಮತ್ತು ಪುದುಚೇರಿ ವಿಧಾನಸಭಾ ಚುನಾವಣೆಗಳ ದಿನಾಂಕವನ್ನು ಇಂದು ಕೇಂದ್ರ ಚುನಾವಣಾ ಆಯೋಗ ಪ್ರಕಟಿಸಿದೆ. ಅಸ್ಸಾಂ ಮತ್ತು ಕೇರಳದಲ್ಲಿ ಏಪ್ರಿಲ್ 9 ರಂದು ಒಂದೇ ಹಂತದಲ್ಲಿ ಚುನಾವಣೆ ನಡೆಯಲಿದೆ. ಮೇ 4 ರಂದು ಎಣಿಕೆ ನಡೆಯಲಿದೆ. ಅದೇ ರೀತಿ, ತಮಿಳುನಾಡಿನಲ್ಲಿ ಏಪ್ರಿಲ್ 23 ರಂದು ಮತದಾನ ನಡೆಯಲಿದೆ. ಬಂಗಾಳದಲ್ಲಿ ಎರಡು ಹಂತಗಳಲ್ಲಿ ಚುನಾವಣೆ ನಡೆಯಲಿದ್ದು,
GYANESH KUMAR
ಏಪ್ರಿಲ್ 23 ಮತ್ತು 29 ರಂದು ಮತದಾನ ನಡೆಯಲಿದೆ. ಚುನಾವಣಾ ದಿನಾಂಕ ಘೋಷಣೆಯೊಂದಿಗೆ ಈ ರಾಜ್ಯಗಳಲ್ಲಿ ರಾಜಕೀಯ ಚಟುವಟಿಕೆ ಗರಿಗೆದರಿದೆ.
ಭಾರತದ ಮುಖ್ಯ ಚುನಾವಣಾ ಆಯುಕ್ತ ಜ್ಞಾನೇಶ್ ಕುಮಾರ್ ಅವರು ಚುನಾವಣಾ ವೇಳಾಪಟ್ಟಿಯನ್ನು ಘೋಷಿಸಿದ್ದು, ಚುನಾವಣಾ ಆಯುಕ್ತರಾದ ಸುಖ್ಬೀರ್ ಸಿಂಗ್ ಸಂಧು ಮತ್ತು ವಿವೇಕ್ ಜೋಶಿ ಕೂಡ ಅವರೊಂದಿಗೆ ಹಾಜರಿದ್ದರು.
